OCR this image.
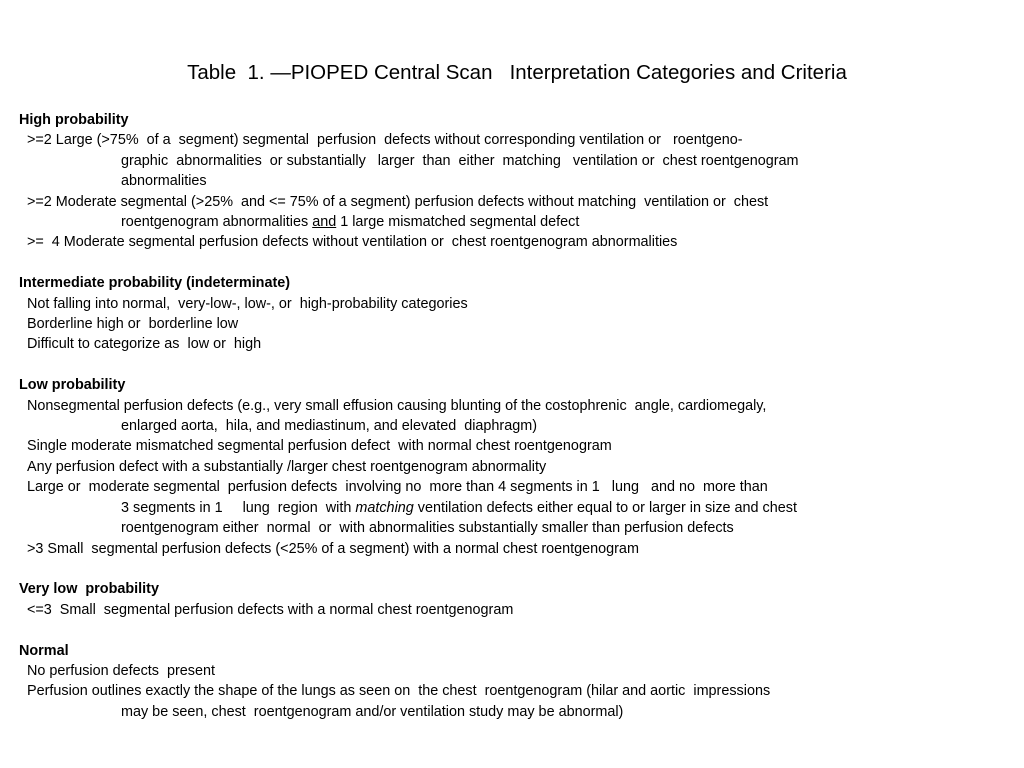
Table  1. —PIOPED Central Scan   Interpretation Categories and Criteria
High probability
>=2 Large (>75%  of a  segment) segmental  perfusion  defects without corresponding ventilation or   roentgeno-
graphic  abnormalities  or substantially   larger  than  either  matching   ventilation or  chest roentgenogram
abnormalities
>=2 Moderate segmental (>25%  and <= 75% of a segment) perfusion defects without matching  ventilation or  chest
roentgenogram abnormalities and 1 large mismatched segmental defect
>=  4 Moderate segmental perfusion defects without ventilation or  chest roentgenogram abnormalities
Intermediate probability (indeterminate)
Not falling into normal,  very-low-, low-, or  high-probability categories
Borderline high or  borderline low
Difficult to categorize as  low or  high
Low probability
Nonsegmental perfusion defects (e.g., very small effusion causing blunting of the costophrenic  angle, cardiomegaly,
enlarged aorta,  hila, and mediastinum, and elevated  diaphragm)
Single moderate mismatched segmental perfusion defect  with normal chest roentgenogram
Any perfusion defect with a substantially /larger chest roentgenogram abnormality
Large or  moderate segmental  perfusion defects  involving no  more than 4 segments in 1   lung   and no  more than
3 segments in 1     lung  region  with matching ventilation defects either equal to or larger in size and chest
roentgenogram either  normal  or  with abnormalities substantially smaller than perfusion defects
>3 Small  segmental perfusion defects (<25% of a segment) with a normal chest roentgenogram
Very low  probability
<=3  Small  segmental perfusion defects with a normal chest roentgenogram
Normal
No perfusion defects  present
Perfusion outlines exactly the shape of the lungs as seen on  the chest  roentgenogram (hilar and aortic  impressions
may be seen, chest  roentgenogram and/or ventilation study may be abnormal)
